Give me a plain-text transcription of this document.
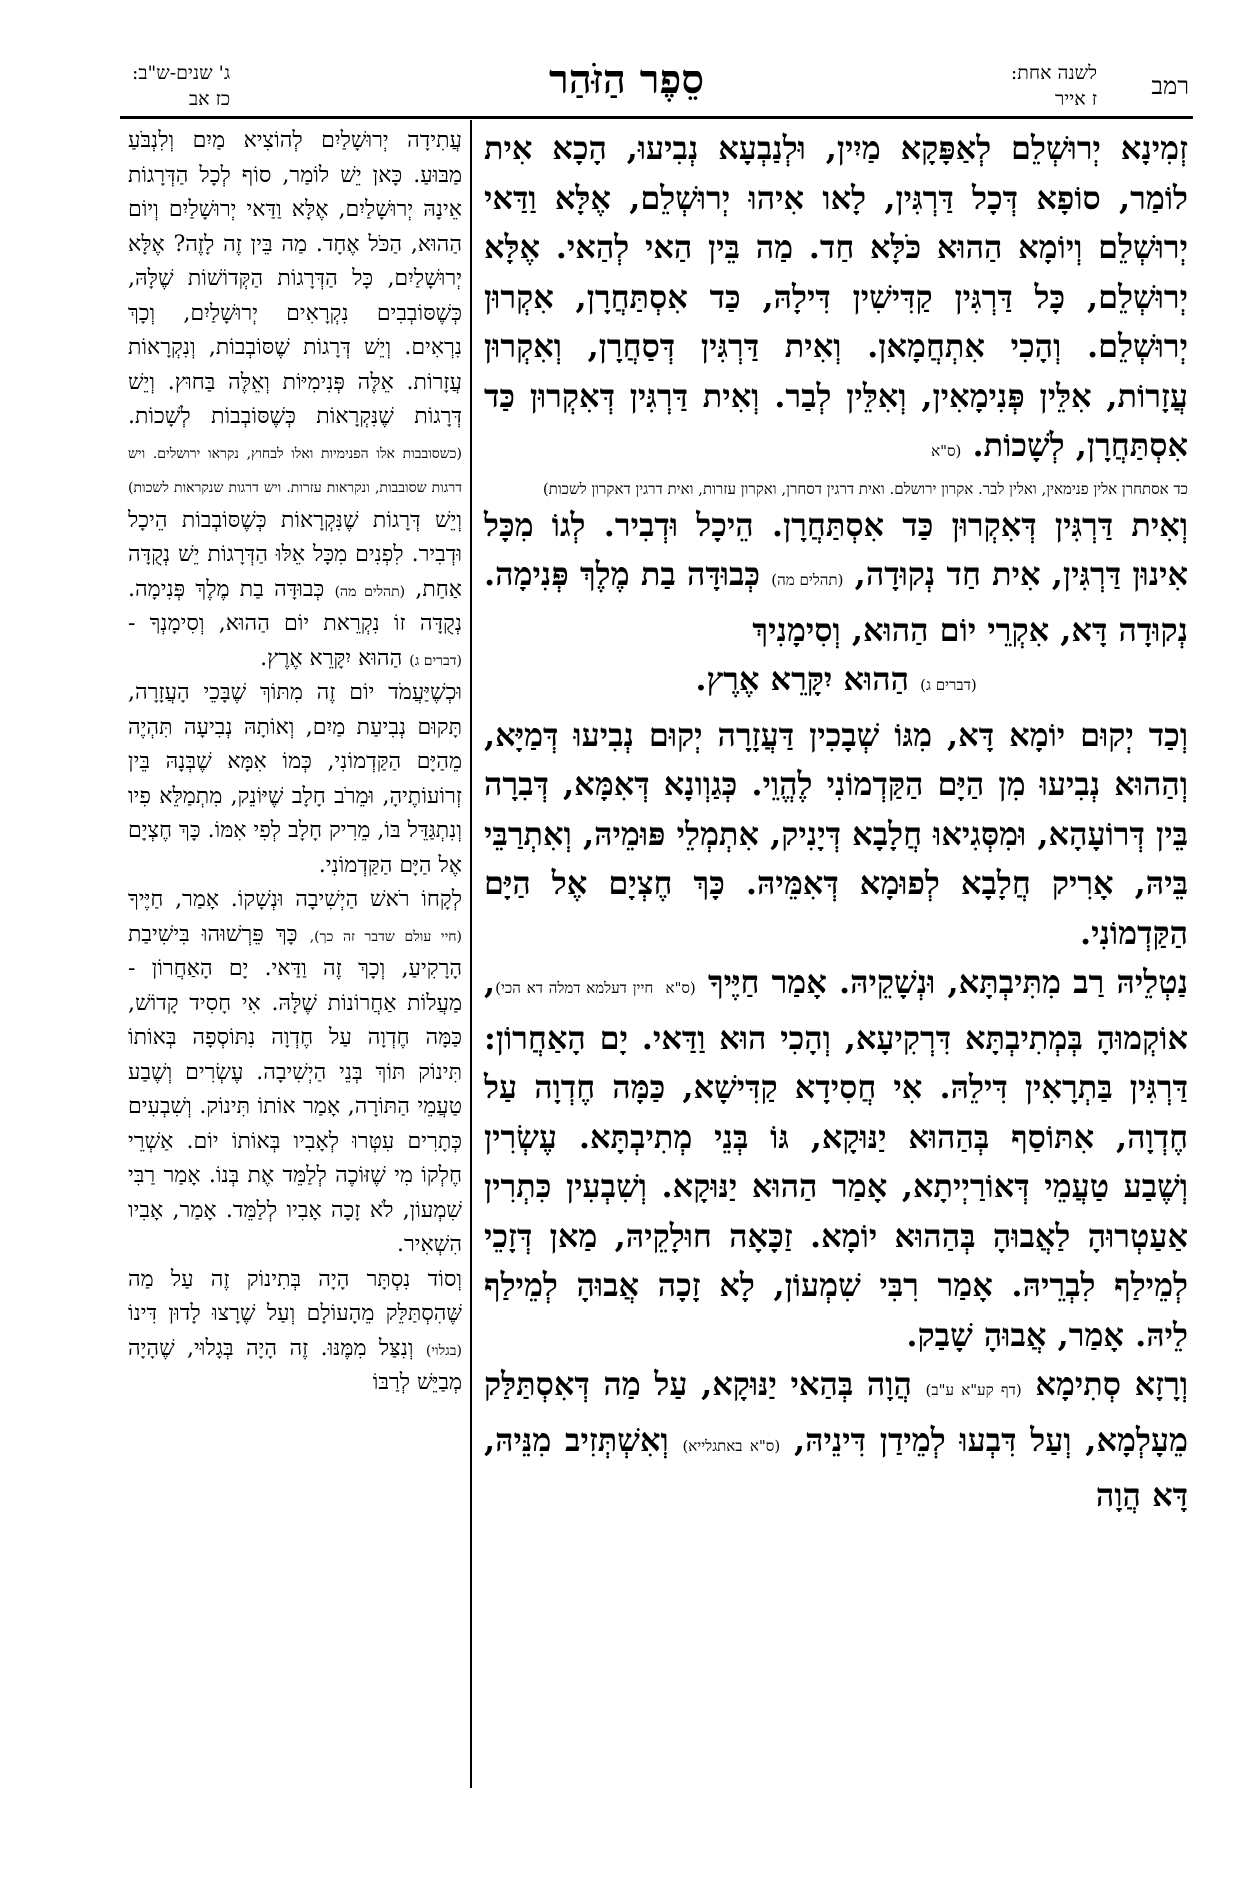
רמב
לשנה אחת:
ז אייר
סֵפֶר הַזֹּהַר
ג' שנים-ש"ב:
כז אב

זְמִינָא יְרוּשְׁלֵם לְאַפָּקָא מַיִין, וּלְנַבְעָא נְבִיעוּ, הָכָא אִית לוֹמַר, סוֹפָא דְּכָל דַּרְגִּין, לָאו אִיהוּ יְרוּשְׁלֵם, אֶלָּא וַדַּאי יְרוּשְׁלֵם וְיוֹמָא הַהוּא כֹּלָּא חַד. מַה בֵּין הַאי לְהַאי. אֶלָּא יְרוּשְׁלֵם, כָּל דַּרְגִּין קַדִּישִׁין דִּילָהּ, כַּד אִסְתַּחֲרָן, אִקְרוּן יְרוּשְׁלֵם. וְהָכִי אִתְחֲמָאן. וְאִית דַּרְגִּין דְּסַחֲרָן, וְאִקְרוּן עֲזָרוֹת, אִלֵּין פְּנִימָאִין, וְאִלֵּין לְבַר. וְאִית דַּרְגִּין דְּאִקְרוּן כַּד אִסְתַּחֲרָן, לְשָׁכוֹת. (ס"א

כד אסתחרן אלין פנימאין, ואלין לבר. אקרון ירושלם. ואית דרגין דסחרן, ואקרון עזרות, ואית דרגין דאקרון לשכות)

וְאִית דַּרְגִּין דְּאִקְרוּן כַּד אִסְתַּחֲרָן. הֵיכָל וּדְבִיר. לְגוֹ מִכָּל אִינוּן דַּרְגִּין, אִית חַד נְקוּדָה, (תהלים מה) כְּבוּדָּה בַת מֶלֶךְ פְּנִימָה. נְקוּדָה דָּא, אִקְרֵי יוֹם הַהוּא, וְסִימָנִיךְ

(דברים ג) הַהוּא יִקָּרֵא אֶרֶץ.

וְכַד יְקוּם יוֹמָא דָּא, מִגּוֹ שְׁבָכִין דַּעֲזָרָה יְקוּם נְבִיעוּ דְּמַיָּא, וְהַהוּא נְבִיעוּ מִן הַיָּם הַקַּדְמוֹנִי לֶהֱוֵי. כְּגַוְונָא דְּאִמָּא, דְּבִרָה בֵּין דְּרוֹעָהָא, וּמִסְּגִיאוּ חֲלָבָא דְּיָנִיק, אִתְמְלֵי פּוּמֵיהּ, וְאִתְרַבֵּי בֵּיהּ, אָרִיק חֲלָבָא לְפוּמָא דְּאִמֵּיהּ. כָּךְ חֶצְיָם אֶל הַיָּם הַקַּדְמוֹנִי.

נַטְלֵיהּ רַב מִתִּיבְתָּא, וּנְשָׁקֵיהּ. אָמַר חַיֶּיךָ (ס"א חיין דעלמא דמלה דא הכי), אוֹקְמוּהָ בְּמְתִיבְתָּא דִּרְקִיעָא, וְהָכִי הוּא וַדַּאי. יָם הָאַחֲרוֹן: דַּרְגִּין בַּתְרָאִין דִּילֵהּ. אִי חֲסִידָא קַדִּישָׁא, כַּמָּה חֶדְוָה עַל חֶדְוָה, אִתּוֹסַף בְּהַהוּא יַנּוּקָא, גּוֹ בְּנֵי מְתִיבְתָּא. עֶשְׂרִין וְשֶׁבַע טַעֲמֵי דְּאוֹרַיְיתָא, אָמַר הַהוּא יַנּוּקָא. וְשִׁבְעִין כִּתְרִין אַעַטְרוּהָ לַאֲבוּהָ בְּהַהוּא יוֹמָא. זַכָּאָה חוּלָקֵיהּ, מַאן דְּזָכֵי לְמֵילַף לִבְרֵיהּ. אָמַר רִבִּי שִׁמְעוֹן, לָא זָכָה אֲבוּהָ לְמֵילַף לֵיהּ. אָמַר, אֲבוּהָ שָׁבַק.

וְרָזָא סְתִימָא (דף קע"א ע"ב) הֲוָה בְּהַאי יַנּוּקָא, עַל מַה דְּאִסְתַּלַּק מֵעָלְמָא, וְעַל דִּבְעוּ לְמֵידַן דִּינֵיהּ, (ס"א באתגלייא) וְאִשְׁתְּזִיב מִנֵּיהּ, דָּא הֲוָה

עֲתִידָה יְרוּשָׁלַיִם לְהוֹצִיא מַיִם וְלִנְבֹּעַ מַבּוּעַ. כָּאן יֵשׁ לוֹמַר, סוֹף לְכָל הַדְּרָגוֹת אֵינָהּ יְרוּשָׁלַיִם, אֶלָּא וַדַּאי יְרוּשָׁלַיִם וְיוֹם הַהוּא, הַכֹּל אֶחָד. מַה בֵּין זֶה לָזֶה? אֶלָּא יְרוּשָׁלַיִם, כָּל הַדְּרָגוֹת הַקְּדוֹשׁוֹת שֶׁלָּהּ, כְּשֶׁסּוֹבְבִים נִקְרָאִים יְרוּשָׁלַיִם, וְכָךְ נִרְאִים. וְיֵשׁ דְּרָגוֹת שֶׁסּוֹבְבוֹת, וְנִקְרָאוֹת עֲזָרוֹת. אֵלֶּה פְּנִימִיּוֹת וְאֵלֶּה בַּחוּץ. וְיֵשׁ דְּרָגוֹת שֶׁנִּקְרָאוֹת כְּשֶׁסּוֹבְבוֹת לְשָׁכוֹת. (כשסובבות אלו הפנימיות ואלו לבחוץ, נקראו ירושלים. ויש דרגות שסובבות, ונקראות עזרות. ויש דרגות שנקראות לשכות) וְיֵשׁ דְּרָגוֹת שֶׁנִּקְרָאוֹת כְּשֶׁסּוֹבְבוֹת הֵיכָל וּדְבִיר. לִפְנִים מִכָּל אֵלּוּ הַדְּרָגוֹת יֵשׁ נְקֻדָּה אַחַת, (תהלים מה) כְּבוּדָּה בַת מֶלֶךְ פְּנִימָה. נְקֻדָּה זוֹ נִקְרֵאת יוֹם הַהוּא, וְסִימָנְךָ - (דברים ג) הַהוּא יִקָּרֵא אֶרֶץ.

וּכְשֶׁיַּעֲמֹד יוֹם זֶה מִתּוֹךְ שֶׁבָּכֵי הָעֲזָרָה, תָּקוּם נְבִיעַת מַיִם, וְאוֹתָהּ נְבִיעָה תִּהְיֶה מֵהַיָּם הַקַּדְמוֹנִי, כְּמוֹ אִמָּא שֶׁבְּנָהּ בֵּין זְרוֹעוֹתֶיהָ, וּמֵרֹב חָלָב שֶׁיּוֹנֵק, מִתְמַלֵּא פִיו וְנִתְגַּדֵּל בּוֹ, מֵרִיק חָלָב לְפִי אִמּוֹ. כָּךְ חֶצְיָם אֶל הַיָּם הַקַּדְמוֹנִי.

לְקָחוֹ רֹאשׁ הַיְשִׁיבָה וּנְשָׁקוֹ. אָמַר, חַיֶּיךָ (חיי עולם שדבר זה כך), כָּךְ פֵּרְשׁוּהוּ בִּישִׁיבַת הָרָקִיעַ, וְכָךְ זֶה וַדַּאי. יָם הָאַחֲרוֹן - מַעֲלוֹת אַחֲרוֹנוֹת שֶׁלָּהּ. אִי חָסִיד קָדוֹשׁ, כַּמָּה חֶדְוָה עַל חֶדְוָה נִתּוֹסְפָה בְּאוֹתוֹ תִּינוֹק תּוֹךְ בְּנֵי הַיְשִׁיבָה. עֶשְׂרִים וְשֶׁבַע טַעֲמֵי הַתּוֹרָה, אָמַר אוֹתוֹ תִּינוֹק. וְשִׁבְעִים כְּתָרִים עִטְּרוּ לְאָבִיו בְּאוֹתוֹ יוֹם. אַשְׁרֵי חֶלְקוֹ מִי שֶׁזּוֹכֶה לְלַמֵּד אֶת בְּנוֹ. אָמַר רַבִּי שִׁמְעוֹן, לֹא זָכָה אָבִיו לְלַמֵּד. אָמַר, אָבִיו הִשְׁאִיר.

וְסוֹד נִסְתָּר הָיָה בְּתִינוֹק זֶה עַל מַה שֶּׁהִסְתַּלֵּק מֵהָעוֹלָם וְעַל שֶׁרָצוּ לָדוּן דִּינוֹ (בגלוי) וְנִצַּל מִמֶּנּוּ. זֶה הָיָה בְּגָלוּי, שֶׁהָיָה מְבַיֵּשׁ לְרַבּוֹ
